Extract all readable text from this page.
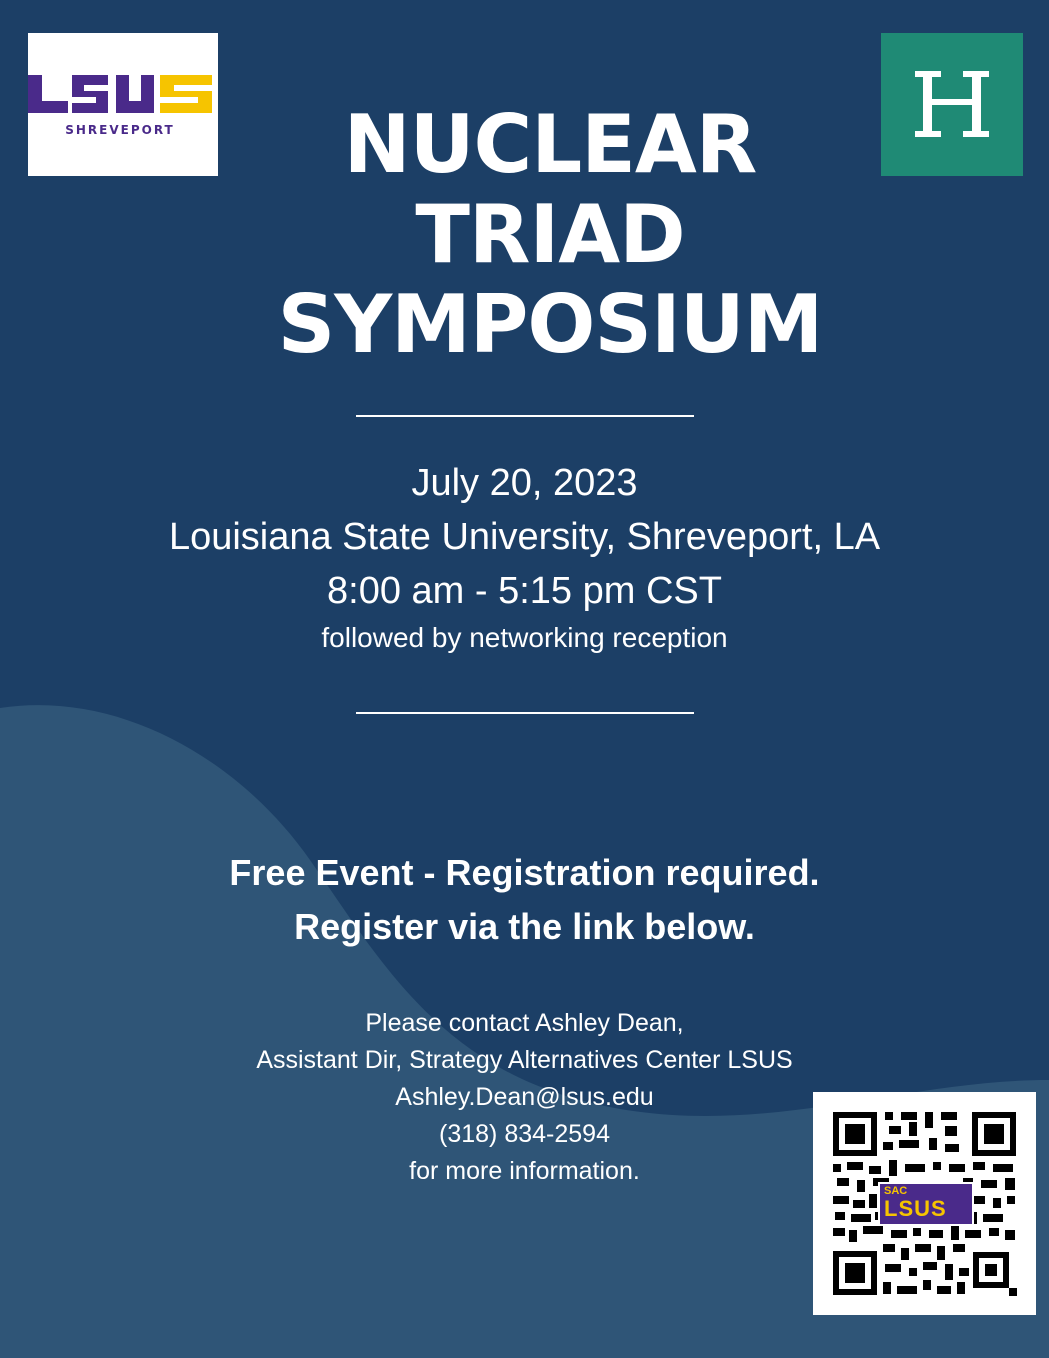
SHREVEPORT	NUCLEAR
TRIAD
SYMPOSIUM
July 20, 2023
Louisiana State University, Shreveport, LA
8:00 am - 5:15 pm CST
followed by networking reception
Free Event - Registration required.
Register via the link below.
Please contact Ashley Dean,
Assistant Dir, Strategy Alternatives Center LSUS
Ashley.Dean@lsus.edu
(318) 834-2594
for more information.
SAC
LSUS
